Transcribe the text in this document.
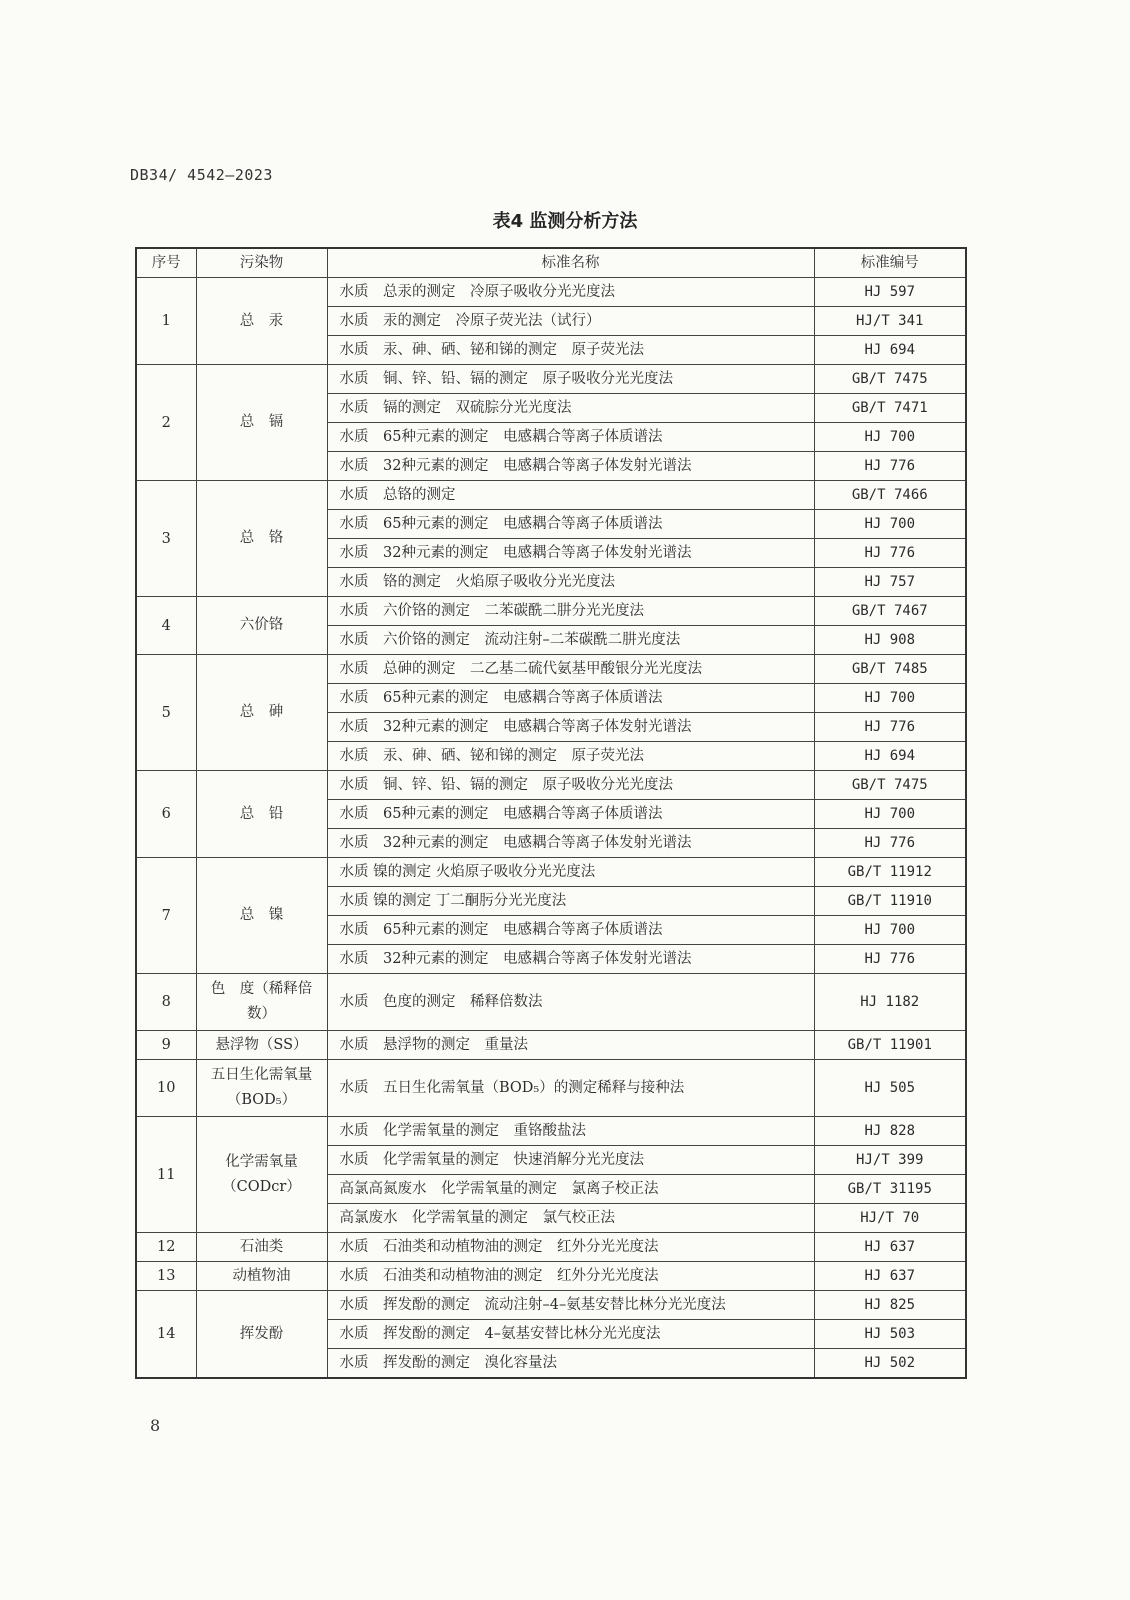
DB34/ 4542—2023
表4 监测分析方法
序号	污染物	标准名称	标准编号
1	总　汞	水质　总汞的测定　冷原子吸收分光光度法	HJ 597
		水质　汞的测定　冷原子荧光法（试行）	HJ/T 341
		水质　汞、砷、硒、铋和锑的测定　原子荧光法	HJ 694
2	总　镉	水质　铜、锌、铅、镉的测定　原子吸收分光光度法	GB/T 7475
		水质　镉的测定　双硫腙分光光度法	GB/T 7471
		水质　65种元素的测定　电感耦合等离子体质谱法	HJ 700
		水质　32种元素的测定　电感耦合等离子体发射光谱法	HJ 776
3	总　铬	水质　总铬的测定	GB/T 7466
		水质　65种元素的测定　电感耦合等离子体质谱法	HJ 700
		水质　32种元素的测定　电感耦合等离子体发射光谱法	HJ 776
		水质　铬的测定　火焰原子吸收分光光度法	HJ 757
4	六价铬	水质　六价铬的测定　二苯碳酰二肼分光光度法	GB/T 7467
		水质　六价铬的测定　流动注射–二苯碳酰二肼光度法	HJ 908
5	总　砷	水质　总砷的测定　二乙基二硫代氨基甲酸银分光光度法	GB/T 7485
		水质　65种元素的测定　电感耦合等离子体质谱法	HJ 700
		水质　32种元素的测定　电感耦合等离子体发射光谱法	HJ 776
		水质　汞、砷、硒、铋和锑的测定　原子荧光法	HJ 694
6	总　铅	水质　铜、锌、铅、镉的测定　原子吸收分光光度法	GB/T 7475
		水质　65种元素的测定　电感耦合等离子体质谱法	HJ 700
		水质　32种元素的测定　电感耦合等离子体发射光谱法	HJ 776
7	总　镍	水质 镍的测定 火焰原子吸收分光光度法	GB/T 11912
		水质 镍的测定 丁二酮肟分光光度法	GB/T 11910
		水质　65种元素的测定　电感耦合等离子体质谱法	HJ 700
		水质　32种元素的测定　电感耦合等离子体发射光谱法	HJ 776
8	色　度（稀释倍数）	水质　色度的测定　稀释倍数法	HJ 1182
9	悬浮物（SS）	水质　悬浮物的测定　重量法	GB/T 11901
10	五日生化需氧量（BOD₅）	水质　五日生化需氧量（BOD₅）的测定稀释与接种法	HJ 505
11	化学需氧量（CODcr）	水质　化学需氧量的测定　重铬酸盐法	HJ 828
		水质　化学需氧量的测定　快速消解分光光度法	HJ/T 399
		高氯高氮废水　化学需氧量的测定　氯离子校正法	GB/T 31195
		高氯废水　化学需氧量的测定　氯气校正法	HJ/T 70
12	石油类	水质　石油类和动植物油的测定　红外分光光度法	HJ 637
13	动植物油	水质　石油类和动植物油的测定　红外分光光度法	HJ 637
14	挥发酚	水质　挥发酚的测定　流动注射–4–氨基安替比林分光光度法	HJ 825
		水质　挥发酚的测定　4–氨基安替比林分光光度法	HJ 503
		水质　挥发酚的测定　溴化容量法	HJ 502
8
